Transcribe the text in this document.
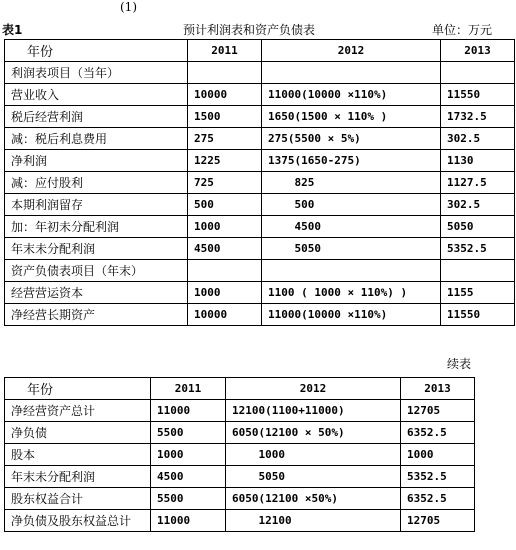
(1)
表1	预计利润表和资产负债表	单位：万元
年份	2011	2012	2013
利润表项目（当年）			
营业收入	10000	11000(10000 ×110%)	11550
税后经营利润	1500	1650(1500 × 110% )	1732.5
减：税后利息费用	275	275(5500 × 5%)	302.5
净利润	1225	1375(1650-275)	1130
减：应付股利	725	825	1127.5
本期利润留存	500	500	302.5
加：年初未分配利润	1000	4500	5050
年末未分配利润	4500	5050	5352.5
资产负债表项目（年末）			
经营营运资本	1000	1100 ( 1000 × 110%) )	1155
净经营长期资产	10000	11000(10000 ×110%)	11550
续表
年份	2011	2012	2013
净经营资产总计	11000	12100(1100+11000)	12705
净负债	5500	6050(12100 × 50%)	6352.5
股本	1000	1000	1000
年末未分配利润	4500	5050	5352.5
股东权益合计	5500	6050(12100 ×50%)	6352.5
净负债及股东权益总计	11000	12100	12705
